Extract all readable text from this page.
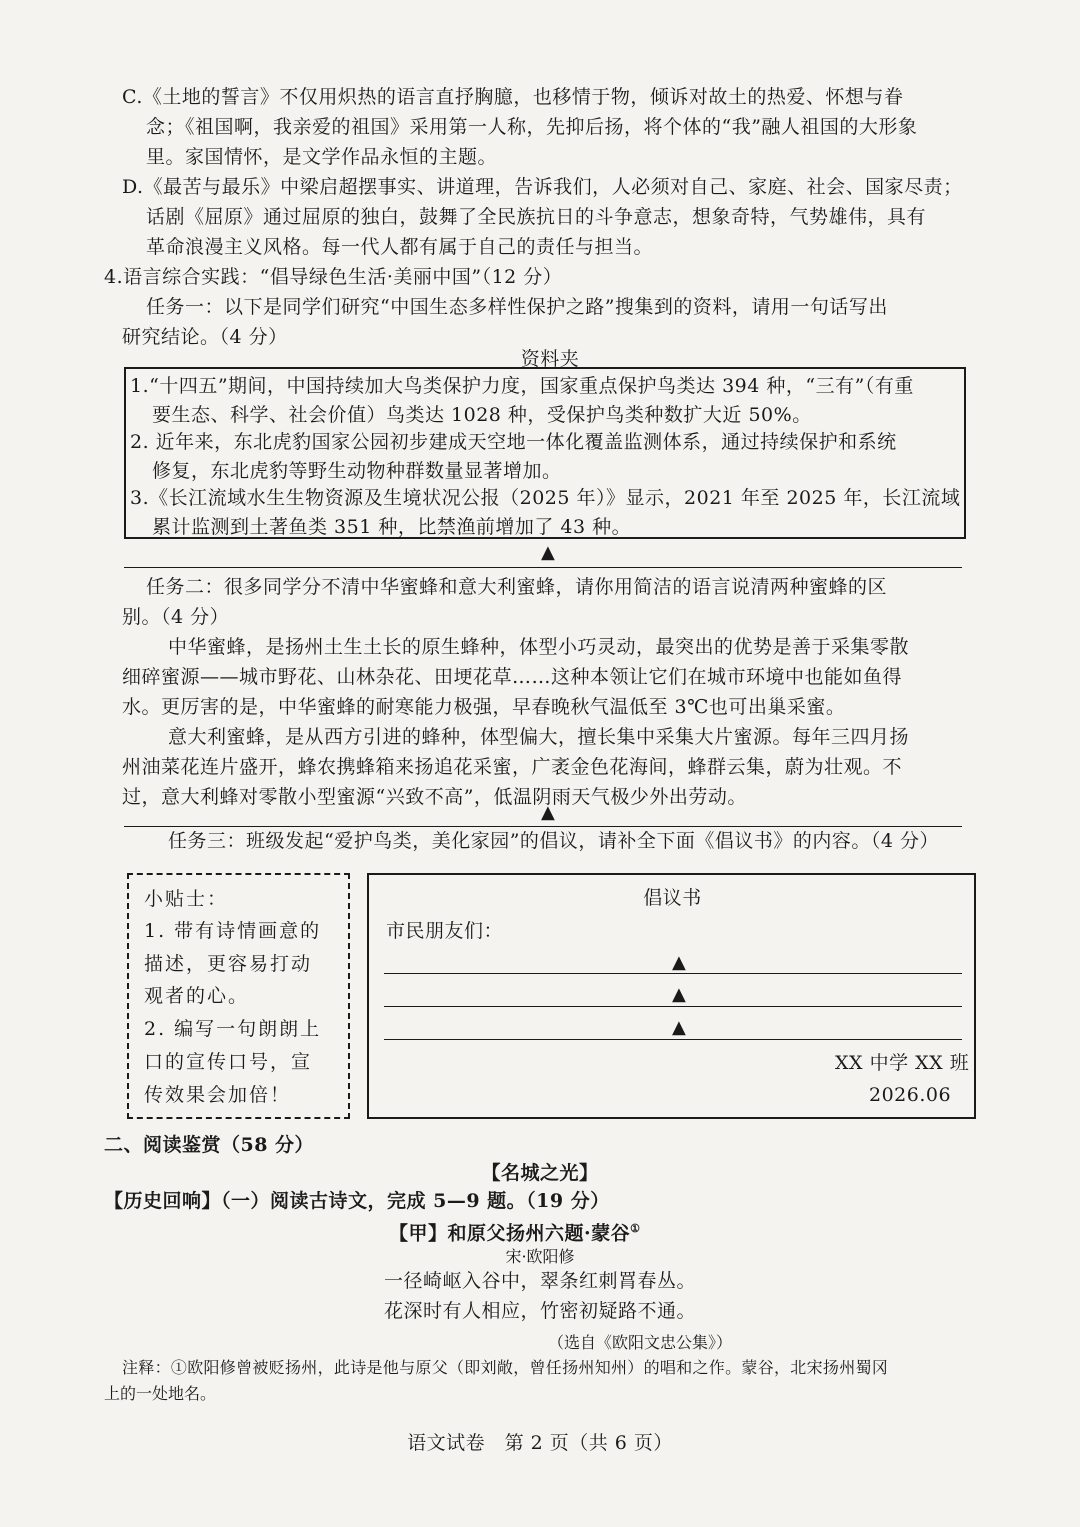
C.《土地的誓言》不仅用炽热的语言直抒胸臆，也移情于物，倾诉对故土的热爱、怀想与眷
念；《祖国啊，我亲爱的祖国》采用第一人称，先抑后扬，将个体的“我”融人祖国的大形象
里。家国情怀，是文学作品永恒的主题。
D.《最苦与最乐》中梁启超摆事实、讲道理，告诉我们，人必须对自己、家庭、社会、国家尽责；
话剧《屈原》通过屈原的独白，鼓舞了全民族抗日的斗争意志，想象奇特，气势雄伟，具有
革命浪漫主义风格。每一代人都有属于自己的责任与担当。
4.语言综合实践：“倡导绿色生活·美丽中国”（12 分）
任务一：以下是同学们研究“中国生态多样性保护之路”搜集到的资料，请用一句话写出
研究结论。（4 分）
资料夹
1.“十四五”期间，中国持续加大鸟类保护力度，国家重点保护鸟类达 394 种，“三有”（有重
要生态、科学、社会价值）鸟类达 1028 种，受保护鸟类种数扩大近 50%。
2. 近年来，东北虎豹国家公园初步建成天空地一体化覆盖监测体系，通过持续保护和系统
修复，东北虎豹等野生动物种群数量显著增加。
3.《长江流域水生生物资源及生境状况公报（2025 年）》显示，2021 年至 2025 年，长江流域
累计监测到土著鱼类 351 种，比禁渔前增加了 43 种。
▲
任务二：很多同学分不清中华蜜蜂和意大利蜜蜂，请你用简洁的语言说清两种蜜蜂的区
别。（4 分）
中华蜜蜂，是扬州土生土长的原生蜂种，体型小巧灵动，最突出的优势是善于采集零散
细碎蜜源——城市野花、山林杂花、田埂花草……这种本领让它们在城市环境中也能如鱼得
水。更厉害的是，中华蜜蜂的耐寒能力极强，早春晚秋气温低至 3℃也可出巢采蜜。
意大利蜜蜂，是从西方引进的蜂种，体型偏大，擅长集中采集大片蜜源。每年三四月扬
州油菜花连片盛开，蜂农携蜂箱来扬追花采蜜，广袤金色花海间，蜂群云集，蔚为壮观。不
过，意大利蜂对零散小型蜜源“兴致不高”，低温阴雨天气极少外出劳动。
▲
任务三：班级发起“爱护鸟类，美化家园”的倡议，请补全下面《倡议书》的内容。（4 分）
小贴士：
1. 带有诗情画意的
描述，更容易打动
观者的心。
2. 编写一句朗朗上
口的宣传口号，宣
传效果会加倍！
倡议书
市民朋友们：
▲
▲
▲
XX 中学 XX 班
2026.06
二、阅读鉴赏（58 分）
【名城之光】
【历史回响】（一）阅读古诗文，完成 5—9 题。（19 分）
【甲】和原父扬州六题·蒙谷①
宋·欧阳修
一径崎岖入谷中，翠条红刺罥春丛。
花深时有人相应，竹密初疑路不通。
（选自《欧阳文忠公集》）
注释：①欧阳修曾被贬扬州，此诗是他与原父（即刘敞，曾任扬州知州）的唱和之作。蒙谷，北宋扬州蜀冈
上的一处地名。
语文试卷　第 2 页（共 6 页）
